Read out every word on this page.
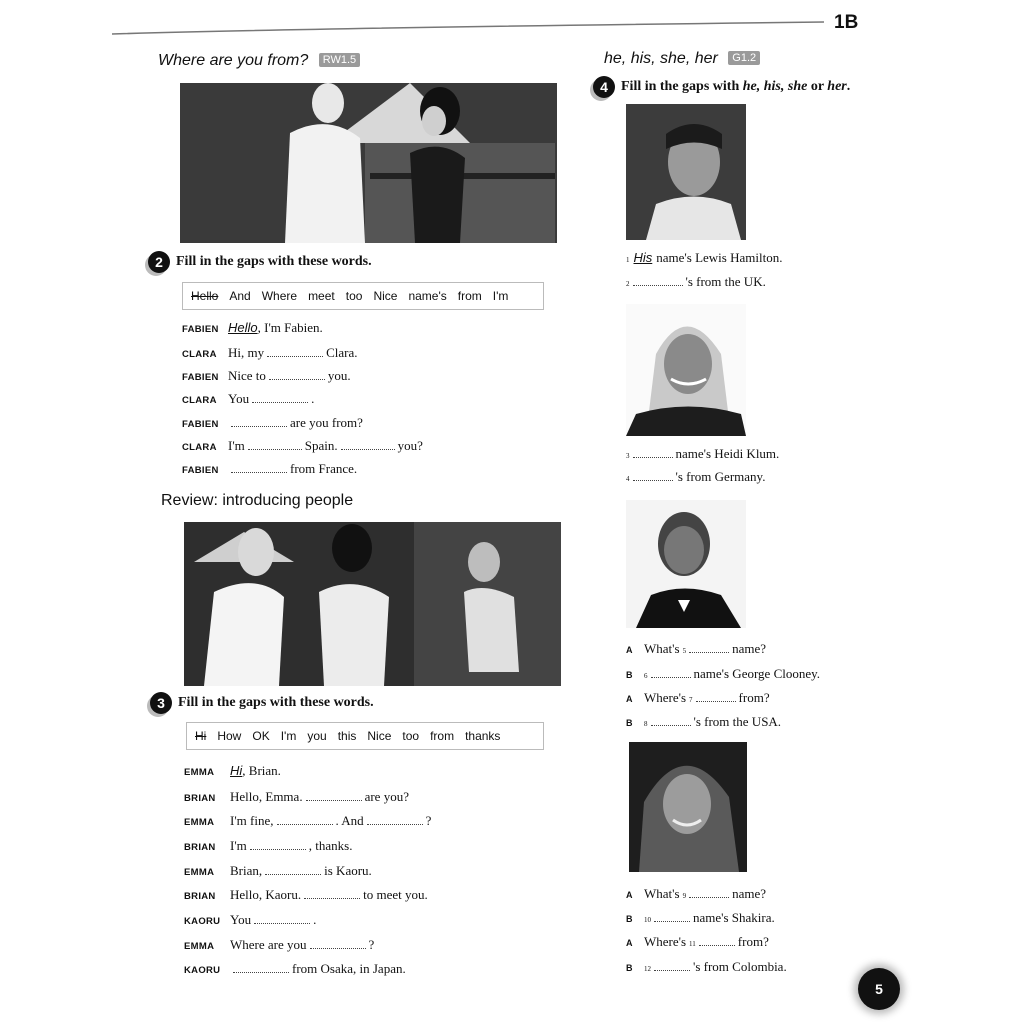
1B
Where are you from? RW1.5
2 Fill in the gaps with these words.
Hello And Where meet too Nice name's from I'm
FABIEN Hello , I'm Fabien.
CLARA Hi, my	Clara.
FABIEN Nice to	you.
CLARA You	.
FABIEN	are you from?
CLARA I'm	Spain.	you?
FABIEN	from France.
Review: introducing people
3 Fill in the gaps with these words.
Hi How OK I'm you this Nice too from thanks
EMMA	Hi , Brian.
BRIAN	Hello, Emma.	are you?
EMMA	I'm fine,	. And	?
BRIAN	I'm	, thanks.
EMMA	Brian,	is Kaoru.
BRIAN	Hello, Kaoru.	to meet you.
KAORU You	.
EMMA	Where are you	?
KAORU	from Osaka, in Japan.
he, his, she, her G1.2
4 Fill in the gaps with he, his, she or her.
1 His name's Lewis Hamilton.
2	's from the UK.
3	name's Heidi Klum.
4	's from Germany.
A What's 5	name?
B	6	name's George Clooney.
A Where's 7	from?
B	8	's from the USA.
A What's 9	name?
B	10	name's Shakira.
A Where's 11	from?
B	12	's from Colombia.
5
